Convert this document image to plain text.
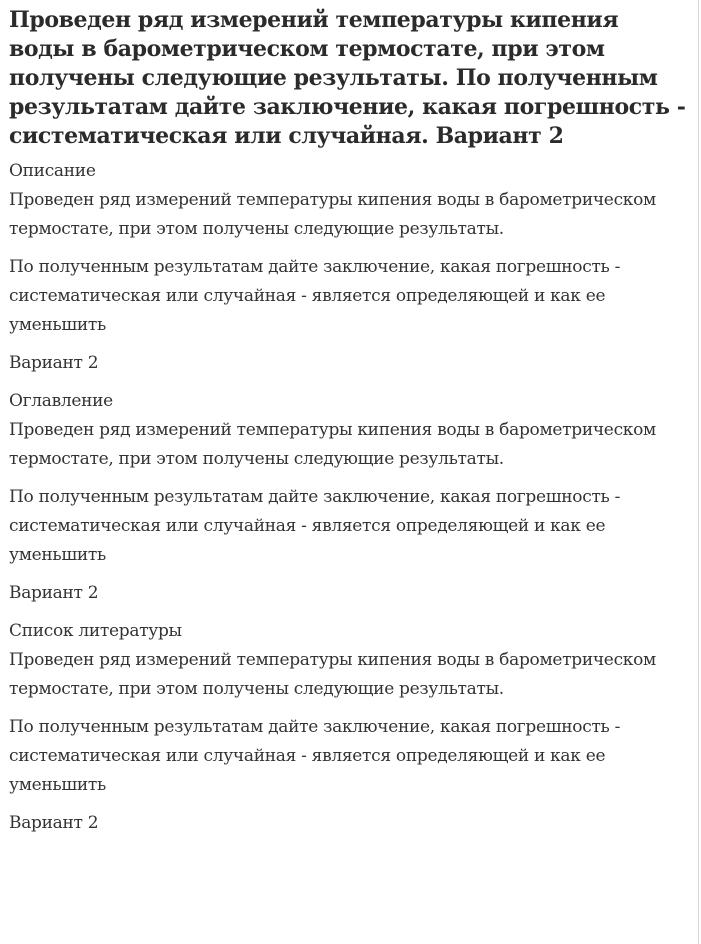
Проведен ряд измерений температуры кипения воды в барометрическом термостате, при этом получены следующие результаты. По полученным результатам дайте заключение, какая погрешность - систематическая или случайная. Вариант 2
Описание

Проведен ряд измерений температуры кипения воды в барометрическом термостате, при этом получены следующие результаты.

По полученным результатам дайте заключение, какая погрешность - систематическая или случайная - является определяющей и как ее уменьшить

Вариант 2

Оглавление

Проведен ряд измерений температуры кипения воды в барометрическом термостате, при этом получены следующие результаты.

По полученным результатам дайте заключение, какая погрешность - систематическая или случайная - является определяющей и как ее уменьшить

Вариант 2

Список литературы

Проведен ряд измерений температуры кипения воды в барометрическом термостате, при этом получены следующие результаты.

По полученным результатам дайте заключение, какая погрешность - систематическая или случайная - является определяющей и как ее уменьшить

Вариант 2
